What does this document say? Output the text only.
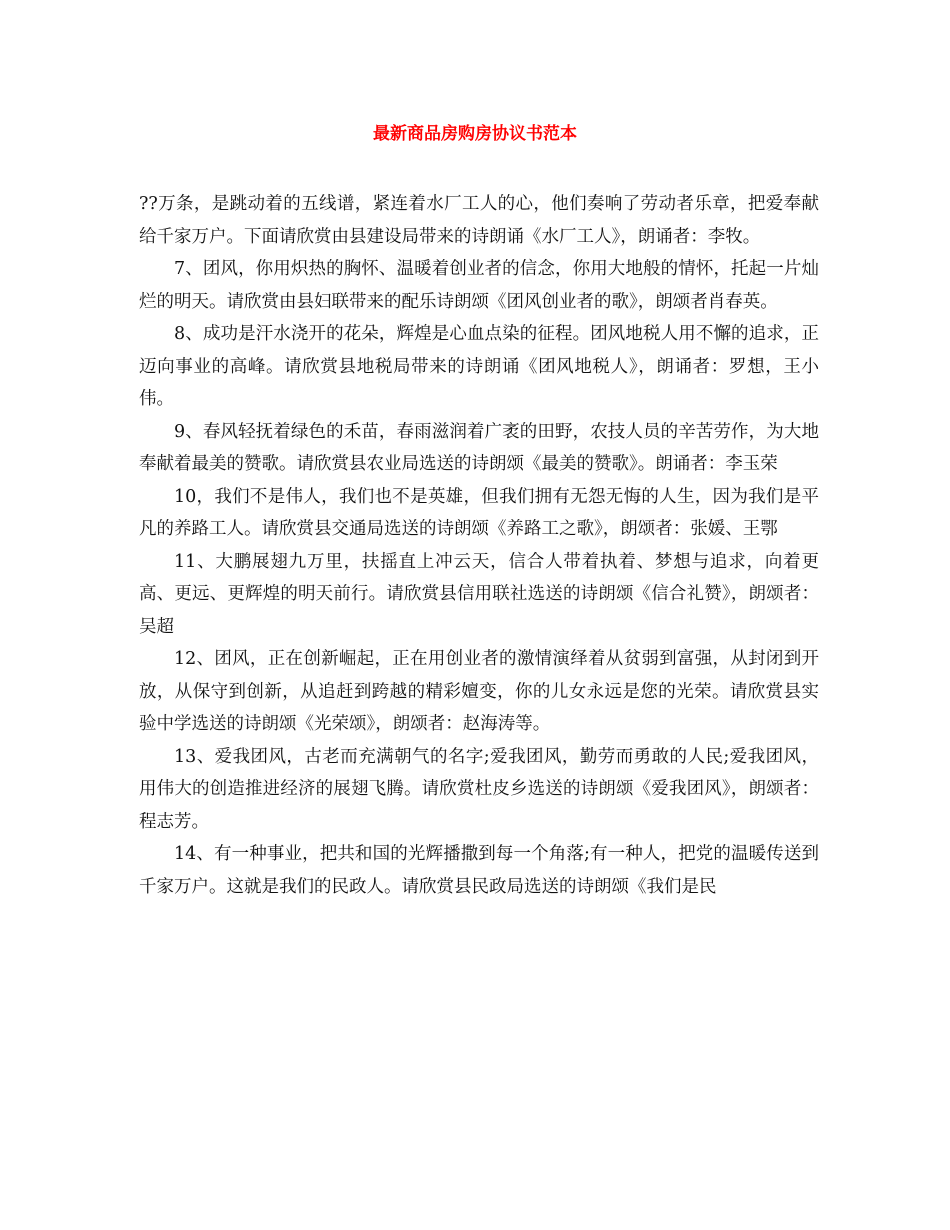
最新商品房购房协议书范本

??万条，是跳动着的五线谱，紧连着水厂工人的心，他们奏响了劳动者乐章，把爱奉献给千家万户。下面请欣赏由县建设局带来的诗朗诵《水厂工人》，朗诵者：李牧。

7、团风，你用炽热的胸怀、温暖着创业者的信念，你用大地般的情怀，托起一片灿烂的明天。请欣赏由县妇联带来的配乐诗朗颂《团风创业者的歌》，朗颂者肖春英。

8、成功是汗水浇开的花朵，辉煌是心血点染的征程。团风地税人用不懈的追求，正迈向事业的高峰。请欣赏县地税局带来的诗朗诵《团风地税人》，朗诵者：罗想，王小伟。

9、春风轻抚着绿色的禾苗，春雨滋润着广袤的田野，农技人员的辛苦劳作，为大地奉献着最美的赞歌。请欣赏县农业局选送的诗朗颂《最美的赞歌》。朗诵者：李玉荣

10，我们不是伟人，我们也不是英雄，但我们拥有无怨无悔的人生，因为我们是平凡的养路工人。请欣赏县交通局选送的诗朗颂《养路工之歌》，朗颂者：张媛、王鄂

11、大鹏展翅九万里，扶摇直上冲云天，信合人带着执着、梦想与追求，向着更高、更远、更辉煌的明天前行。请欣赏县信用联社选送的诗朗颂《信合礼赞》，朗颂者：吴超

12、团风，正在创新崛起，正在用创业者的激情演绎着从贫弱到富强，从封闭到开放，从保守到创新，从追赶到跨越的精彩嬗变，你的儿女永远是您的光荣。请欣赏县实验中学选送的诗朗颂《光荣颂》，朗颂者：赵海涛等。

13、爱我团风，古老而充满朝气的名字;爱我团风，勤劳而勇敢的人民;爱我团风，用伟大的创造推进经济的展翅飞腾。请欣赏杜皮乡选送的诗朗颂《爱我团风》，朗颂者：程志芳。

14、有一种事业，把共和国的光辉播撒到每一个角落;有一种人，把党的温暖传送到千家万户。这就是我们的民政人。请欣赏县民政局选送的诗朗颂《我们是民
